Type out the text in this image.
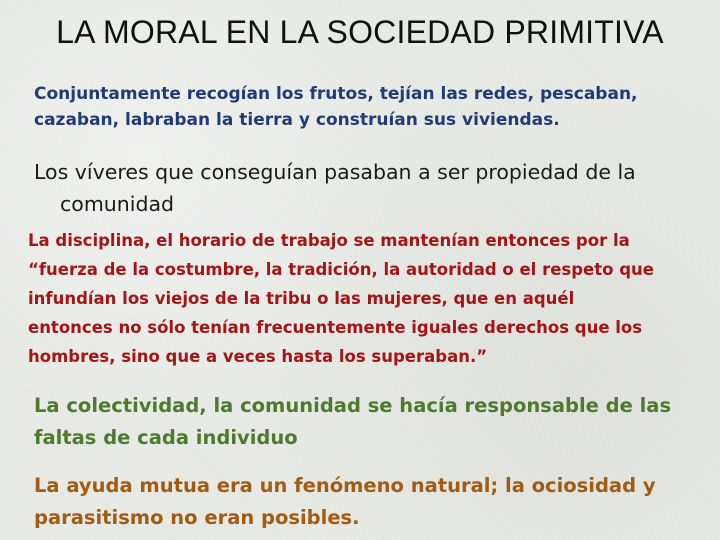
LA MORAL EN LA SOCIEDAD PRIMITIVA
Conjuntamente recogían los frutos, tejían las redes, pescaban,
cazaban, labraban la tierra y construían sus viviendas.
Los víveres que conseguían pasaban a ser propiedad de la
comunidad
La disciplina, el horario de trabajo se mantenían entonces por la
“fuerza de la costumbre, la tradición, la autoridad o el respeto que
infundían los viejos de la tribu o las mujeres, que en aquél
entonces no sólo tenían frecuentemente iguales derechos que los
hombres, sino que a veces hasta los superaban.”
La colectividad, la comunidad se hacía responsable de las
faltas de cada individuo
La ayuda mutua era un fenómeno natural; la ociosidad y
parasitismo no eran posibles.
